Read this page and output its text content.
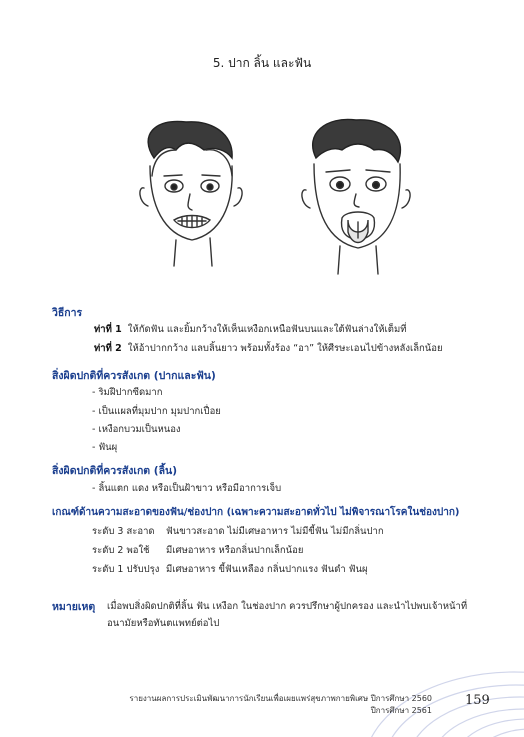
5. ปาก ลิ้น และฟัน
วิธีการ
ท่าที่ 1 ให้กัดฟัน และยิ้มกว้างให้เห็นเหงือกเหนือฟันบนและใต้ฟันล่างให้เต็มที่
ท่าที่ 2 ให้อ้าปากกว้าง แลบลิ้นยาว พร้อมทั้งร้อง “อา” ให้ศีรษะเอนไปข้างหลังเล็กน้อย
สิ่งผิดปกติที่ควรสังเกต (ปากและฟัน)
- ริมฝีปากซีดมาก
- เป็นแผลที่มุมปาก มุมปากเปื่อย
- เหงือกบวมเป็นหนอง
- ฟันผุ
สิ่งผิดปกติที่ควรสังเกต (ลิ้น)
- ลิ้นแตก แดง หรือเป็นฝ้าขาว หรือมีอาการเจ็บ
เกณฑ์ด้านความสะอาดของฟัน/ช่องปาก (เฉพาะความสะอาดทั่วไป ไม่พิจารณาโรคในช่องปาก)
ระดับ 3 สะอาด ฟันขาวสะอาด ไม่มีเศษอาหาร ไม่มีขี้ฟัน ไม่มีกลิ่นปาก
ระดับ 2 พอใช้ มีเศษอาหาร หรือกลิ่นปากเล็กน้อย
ระดับ 1 ปรับปรุง มีเศษอาหาร ขี้ฟันเหลือง กลิ่นปากแรง ฟันดำ ฟันผุ
หมายเหตุ เมื่อพบสิ่งผิดปกติที่ลิ้น ฟัน เหงือก ในช่องปาก ควรปรึกษาผู้ปกครอง และนำไปพบเจ้าหน้าที่
อนามัยหรือทันตแพทย์ต่อไป
รายงานผลการประเมินพัฒนาการนักเรียนเพื่อเผยแพร่สุขภาพกายพิเศษ ปีการศึกษา 2560
ปีการศึกษา 2561
159
